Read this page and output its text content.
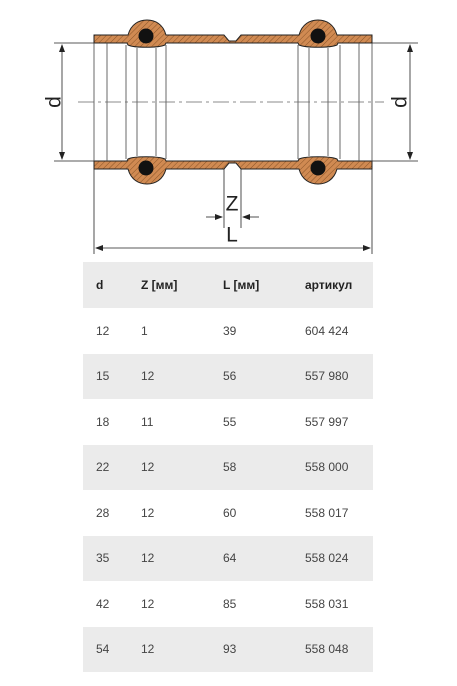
d	d
Z
L
d	Z [мм]	L [мм]	артикул
12	1	39	604 424
15	12	56	557 980
18	11	55	557 997
22	12	58	558 000
28	12	60	558 017
35	12	64	558 024
42	12	85	558 031
54	12	93	558 048
